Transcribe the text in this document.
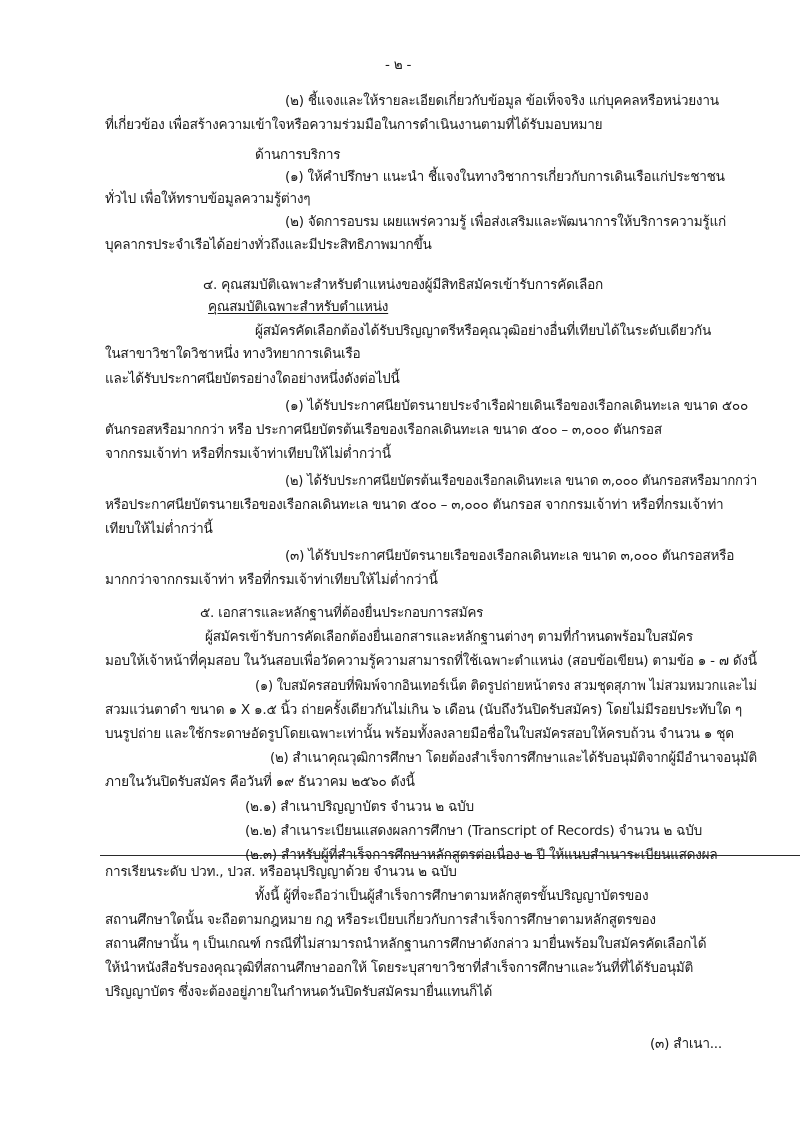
- ๒ -
(๒) ชี้แจงและให้รายละเอียดเกี่ยวกับข้อมูล ข้อเท็จจริง แก่บุคคลหรือหน่วยงาน
ที่เกี่ยวข้อง เพื่อสร้างความเข้าใจหรือความร่วมมือในการดำเนินงานตามที่ได้รับมอบหมาย
ด้านการบริการ
(๑) ให้คำปรึกษา แนะนำ ชี้แจงในทางวิชาการเกี่ยวกับการเดินเรือแก่ประชาชน
ทั่วไป เพื่อให้ทราบข้อมูลความรู้ต่างๆ
(๒) จัดการอบรม เผยแพร่ความรู้ เพื่อส่งเสริมและพัฒนาการให้บริการความรู้แก่
บุคลากรประจำเรือได้อย่างทั่วถึงและมีประสิทธิภาพมากขึ้น
๔. คุณสมบัติเฉพาะสำหรับตำแหน่งของผู้มีสิทธิสมัครเข้ารับการคัดเลือก
คุณสมบัติเฉพาะสำหรับตำแหน่ง
ผู้สมัครคัดเลือกต้องได้รับปริญญาตรีหรือคุณวุฒิอย่างอื่นที่เทียบได้ในระดับเดียวกัน
ในสาขาวิชาใดวิชาหนึ่ง ทางวิทยาการเดินเรือ
และได้รับประกาศนียบัตรอย่างใดอย่างหนึ่งดังต่อไปนี้
(๑) ได้รับประกาศนียบัตรนายประจำเรือฝ่ายเดินเรือของเรือกลเดินทะเล ขนาด ๕๐๐
ตันกรอสหรือมากกว่า หรือ ประกาศนียบัตรต้นเรือของเรือกลเดินทะเล ขนาด ๕๐๐ – ๓,๐๐๐ ตันกรอส
จากกรมเจ้าท่า หรือที่กรมเจ้าท่าเทียบให้ไม่ต่ำกว่านี้
(๒) ได้รับประกาศนียบัตรต้นเรือของเรือกลเดินทะเล ขนาด ๓,๐๐๐ ตันกรอสหรือมากกว่า
หรือประกาศนียบัตรนายเรือของเรือกลเดินทะเล ขนาด ๕๐๐ – ๓,๐๐๐ ตันกรอส จากกรมเจ้าท่า หรือที่กรมเจ้าท่า
เทียบให้ไม่ต่ำกว่านี้
(๓) ได้รับประกาศนียบัตรนายเรือของเรือกลเดินทะเล ขนาด ๓,๐๐๐ ตันกรอสหรือ
มากกว่าจากกรมเจ้าท่า หรือที่กรมเจ้าท่าเทียบให้ไม่ต่ำกว่านี้
๕. เอกสารและหลักฐานที่ต้องยื่นประกอบการสมัคร
ผู้สมัครเข้ารับการคัดเลือกต้องยื่นเอกสารและหลักฐานต่างๆ ตามที่กำหนดพร้อมใบสมัคร
มอบให้เจ้าหน้าที่คุมสอบ ในวันสอบเพื่อวัดความรู้ความสามารถที่ใช้เฉพาะตำแหน่ง (สอบข้อเขียน) ตามข้อ ๑ - ๗ ดังนี้
(๑) ใบสมัครสอบที่พิมพ์จากอินเทอร์เน็ต ติดรูปถ่ายหน้าตรง สวมชุดสุภาพ ไม่สวมหมวกและไม่
สวมแว่นตาดำ ขนาด ๑ X ๑.๕ นิ้ว ถ่ายครั้งเดียวกันไม่เกิน ๖ เดือน (นับถึงวันปิดรับสมัคร) โดยไม่มีรอยประทับใด ๆ
บนรูปถ่าย และใช้กระดาษอัดรูปโดยเฉพาะเท่านั้น พร้อมทั้งลงลายมือชื่อในใบสมัครสอบให้ครบถ้วน จำนวน ๑ ชุด
(๒) สำเนาคุณวุฒิการศึกษา โดยต้องสำเร็จการศึกษาและได้รับอนุมัติจากผู้มีอำนาจอนุมัติ
ภายในวันปิดรับสมัคร คือวันที่ ๑๙ ธันวาคม ๒๕๖๐ ดังนี้
(๒.๑) สำเนาปริญญาบัตร จำนวน ๒ ฉบับ
(๒.๒) สำเนาระเบียนแสดงผลการศึกษา (Transcript of Records) จำนวน ๒ ฉบับ
(๒.๓) สำหรับผู้ที่สำเร็จการศึกษาหลักสูตรต่อเนื่อง ๒ ปี ให้แนบสำเนาระเบียนแสดงผล
การเรียนระดับ ปวท., ปวส. หรืออนุปริญญาด้วย จำนวน ๒ ฉบับ
ทั้งนี้ ผู้ที่จะถือว่าเป็นผู้สำเร็จการศึกษาตามหลักสูตรขั้นปริญญาบัตรของ
สถานศึกษาใดนั้น จะถือตามกฎหมาย กฎ หรือระเบียบเกี่ยวกับการสำเร็จการศึกษาตามหลักสูตรของ
สถานศึกษานั้น ๆ เป็นเกณฑ์ กรณีที่ไม่สามารถนำหลักฐานการศึกษาดังกล่าว มายื่นพร้อมใบสมัครคัดเลือกได้
ให้นำหนังสือรับรองคุณวุฒิที่สถานศึกษาออกให้ โดยระบุสาขาวิชาที่สำเร็จการศึกษาและวันที่ที่ได้รับอนุมัติ
ปริญญาบัตร ซึ่งจะต้องอยู่ภายในกำหนดวันปิดรับสมัครมายื่นแทนก็ได้
(๓) สำเนา...
